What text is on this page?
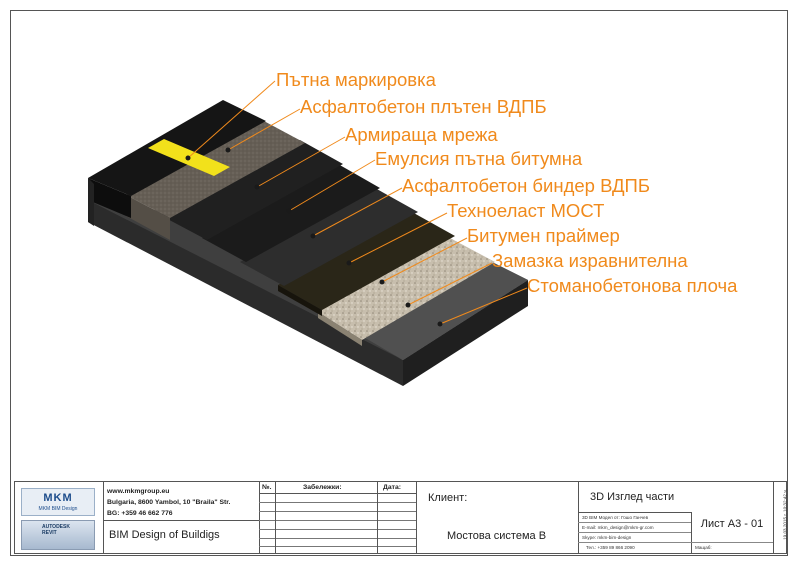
Пътна маркировка
Асфалтобетон плътен ВДПБ
Армираща мрежа
Емулсия пътна битумна
Асфалтобетон биндер ВДПБ
Техноеласт МОСТ
Битумен праймер
Замазка изравнителна
Стоманобетонова плоча
MKM
MKM BIM Design
AUTODESK REVIT
www.mkmgroup.eu
Bulgaria, 8600 Yambol, 10 "Braila" Str.
BG: +359 46 662 776
BIM Design of Buildigs
№.	Забележки:	Дата:
Клиент:
Мостова система В
3D Изглед части
3D BIM Модел от: Гошо Ганчев
E-mail: mkm_design@mkm-gr.com
Skype: mkm-bim-design
Тел.: +359 89 866 2090
Лист А3 - 01
Мащаб:
19.03.2015 г. 10:32:42 ч.
